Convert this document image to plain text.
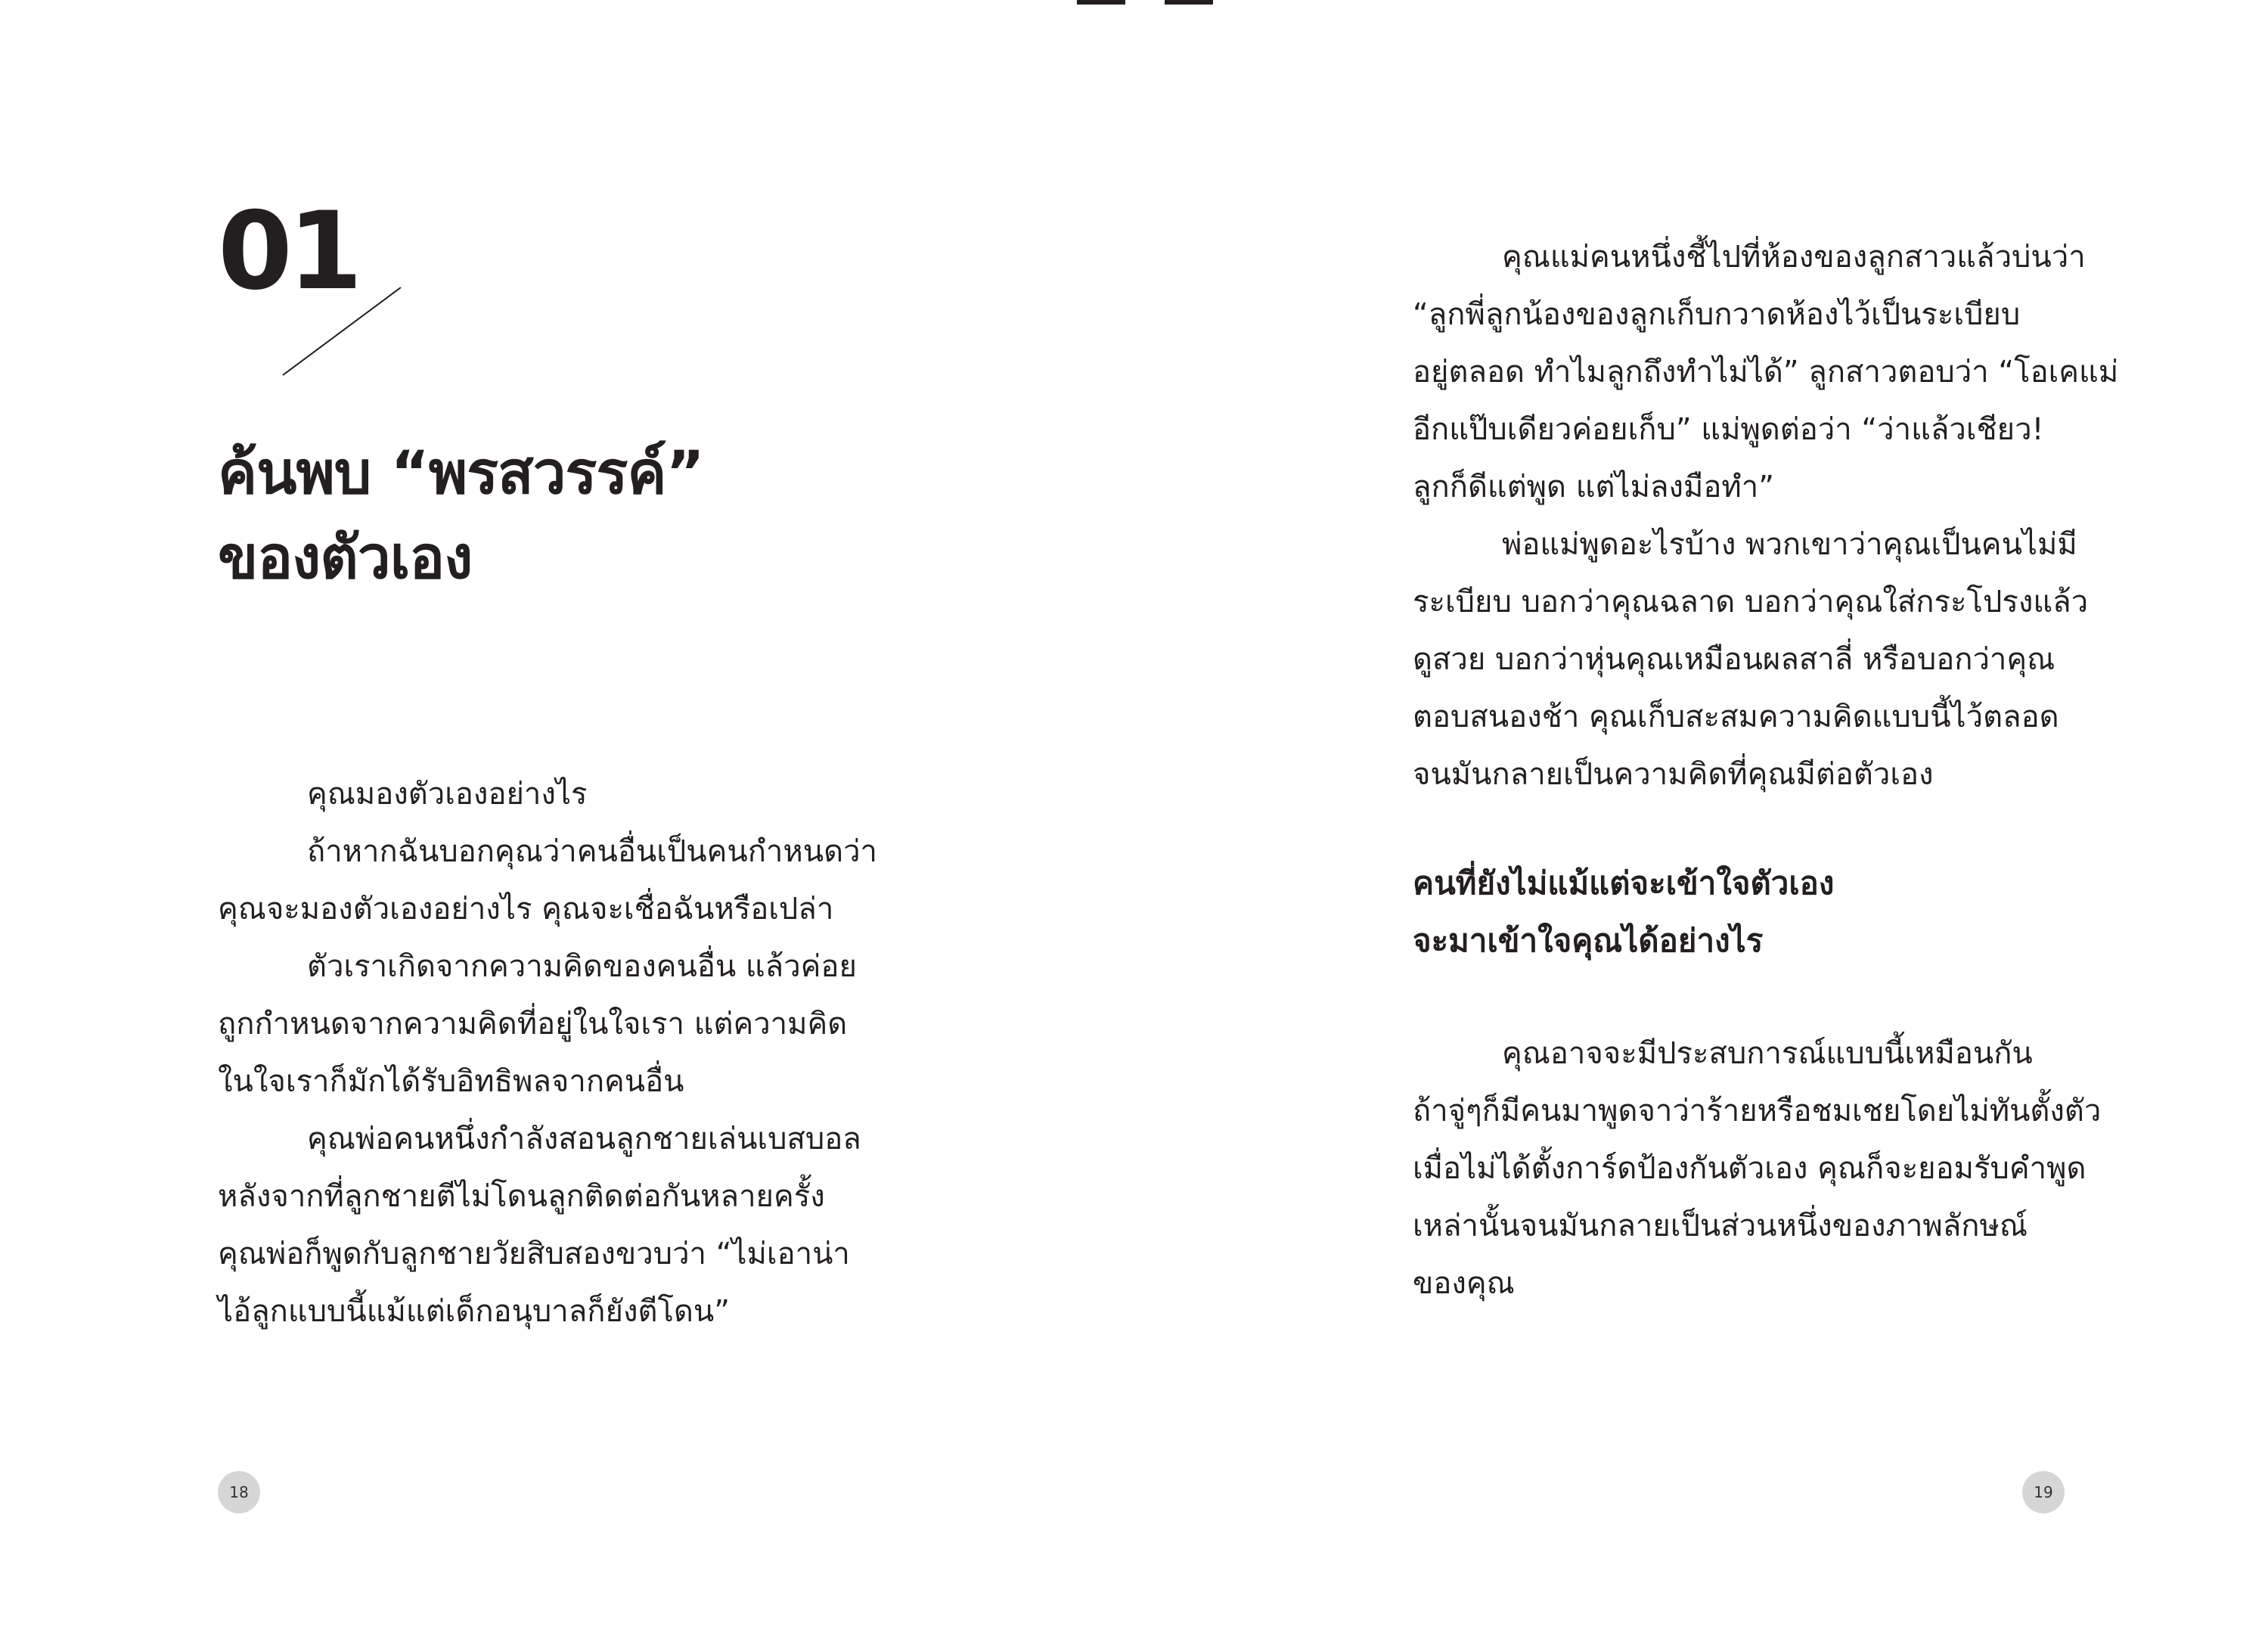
01
ค้นพบ “พรสวรรค์”
ของตัวเอง
คุณมองตัวเองอย่างไร
ถ้าหากฉันบอกคุณว่าคนอื่นเป็นคนกำหนดว่า
คุณจะมองตัวเองอย่างไร คุณจะเชื่อฉันหรือเปล่า
ตัวเราเกิดจากความคิดของคนอื่น แล้วค่อย
ถูกกำหนดจากความคิดที่อยู่ในใจเรา แต่ความคิด
ในใจเราก็มักได้รับอิทธิพลจากคนอื่น
คุณพ่อคนหนึ่งกำลังสอนลูกชายเล่นเบสบอล
หลังจากที่ลูกชายตีไม่โดนลูกติดต่อกันหลายครั้ง
คุณพ่อก็พูดกับลูกชายวัยสิบสองขวบว่า “ไม่เอาน่า
ไอ้ลูกแบบนี้แม้แต่เด็กอนุบาลก็ยังตีโดน”
18
คุณแม่คนหนึ่งชี้ไปที่ห้องของลูกสาวแล้วบ่นว่า
“ลูกพี่ลูกน้องของลูกเก็บกวาดห้องไว้เป็นระเบียบ
อยู่ตลอด ทำไมลูกถึงทำไม่ได้” ลูกสาวตอบว่า “โอเคแม่
อีกแป๊บเดียวค่อยเก็บ” แม่พูดต่อว่า “ว่าแล้วเชียว!
ลูกก็ดีแต่พูด แต่ไม่ลงมือทำ”
พ่อแม่พูดอะไรบ้าง พวกเขาว่าคุณเป็นคนไม่มี
ระเบียบ บอกว่าคุณฉลาด บอกว่าคุณใส่กระโปรงแล้ว
ดูสวย บอกว่าหุ่นคุณเหมือนผลสาลี่ หรือบอกว่าคุณ
ตอบสนองช้า คุณเก็บสะสมความคิดแบบนี้ไว้ตลอด
จนมันกลายเป็นความคิดที่คุณมีต่อตัวเอง
คนที่ยังไม่แม้แต่จะเข้าใจตัวเอง
จะมาเข้าใจคุณได้อย่างไร
คุณอาจจะมีประสบการณ์แบบนี้เหมือนกัน
ถ้าจู่ๆก็มีคนมาพูดจาว่าร้ายหรือชมเชยโดยไม่ทันตั้งตัว
เมื่อไม่ได้ตั้งการ์ดป้องกันตัวเอง คุณก็จะยอมรับคำพูด
เหล่านั้นจนมันกลายเป็นส่วนหนึ่งของภาพลักษณ์
ของคุณ
19
